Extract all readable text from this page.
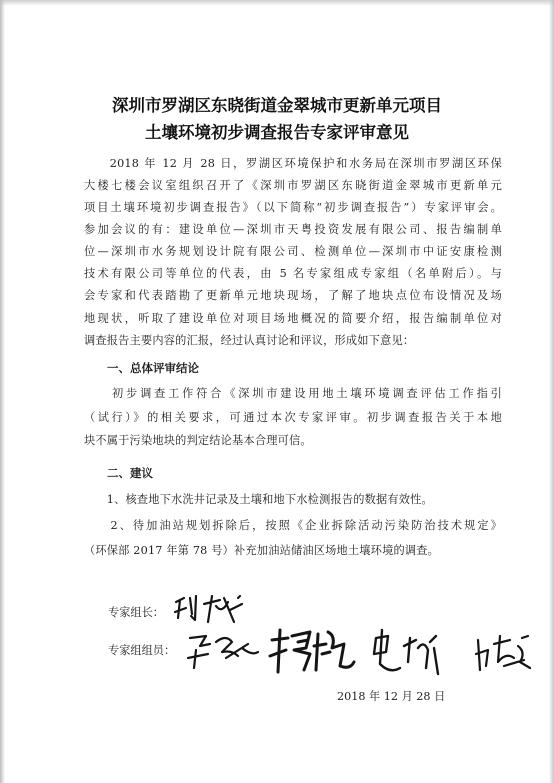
深圳市罗湖区东晓街道金翠城市更新单元项目
土壤环境初步调查报告专家评审意见
　　2018 年 12 月 28 日，罗湖区环境保护和水务局在深圳市罗湖区环保
大楼七楼会议室组织召开了《深圳市罗湖区东晓街道金翠城市更新单元
项目土壤环境初步调查报告》（以下简称“初步调查报告”）专家评审会。
参加会议的有：建设单位—深圳市天粤投资发展有限公司、报告编制单
位—深圳市水务规划设计院有限公司、检测单位—深圳市中证安康检测
技术有限公司等单位的代表，由 5 名专家组成专家组（名单附后）。与
会专家和代表踏勘了更新单元地块现场，了解了地块点位布设情况及场
地现状，听取了建设单位对项目场地概况的简要介绍，报告编制单位对
调查报告主要内容的汇报，经过认真讨论和评议，形成如下意见：
一、总体评审结论
　　初步调查工作符合《深圳市建设用地土壤环境调查评估工作指引
（试行）》的相关要求，可通过本次专家评审。初步调查报告关于本地
块不属于污染地块的判定结论基本合理可信。
二、建议
　　1、核查地下水洗井记录及土壤和地下水检测报告的数据有效性。
　　2、待加油站规划拆除后，按照《企业拆除活动污染防治技术规定》
（环保部 2017 年第 78 号）补充加油站储油区场地土壤环境的调查。
专家组长：
专家组组员：
2018 年 12 月 28 日
